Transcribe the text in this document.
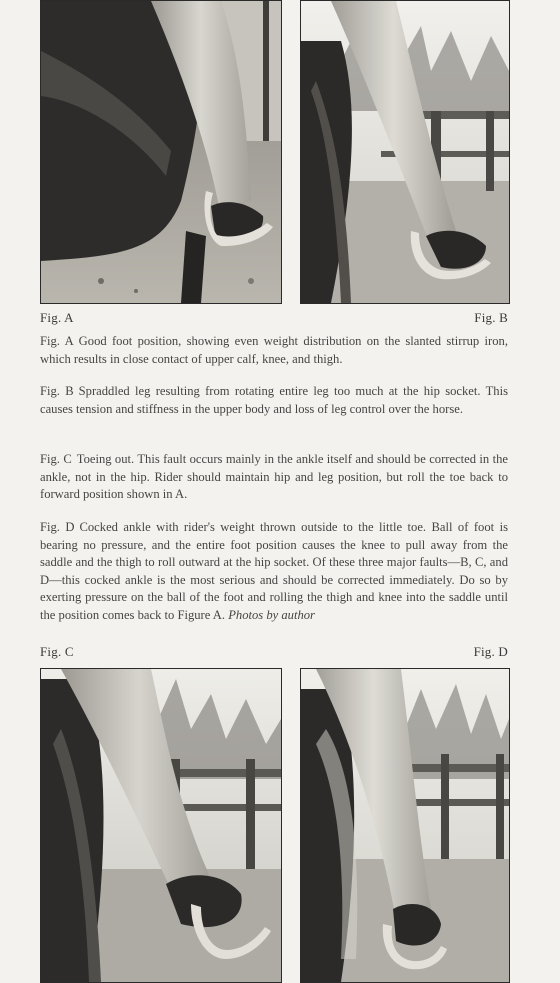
Fig. A	Fig. B

Fig. A Good foot position, showing even weight distribution on the slanted stirrup iron, which results in close contact of upper calf, knee, and thigh.

Fig. B Spraddled leg resulting from rotating entire leg too much at the hip socket. This causes tension and stiffness in the upper body and loss of leg control over the horse.

Fig. C Toeing out. This fault occurs mainly in the ankle itself and should be corrected in the ankle, not in the hip. Rider should maintain hip and leg position, but roll the toe back to forward position shown in A.

Fig. D Cocked ankle with rider's weight thrown outside to the little toe. Ball of foot is bearing no pressure, and the entire foot position causes the knee to pull away from the saddle and the thigh to roll outward at the hip socket. Of these three major faults—B, C, and D—this cocked ankle is the most serious and should be corrected immediately. Do so by exerting pressure on the ball of the foot and rolling the thigh and knee into the saddle until the position comes back to Figure A. Photos by author

Fig. C	Fig. D
